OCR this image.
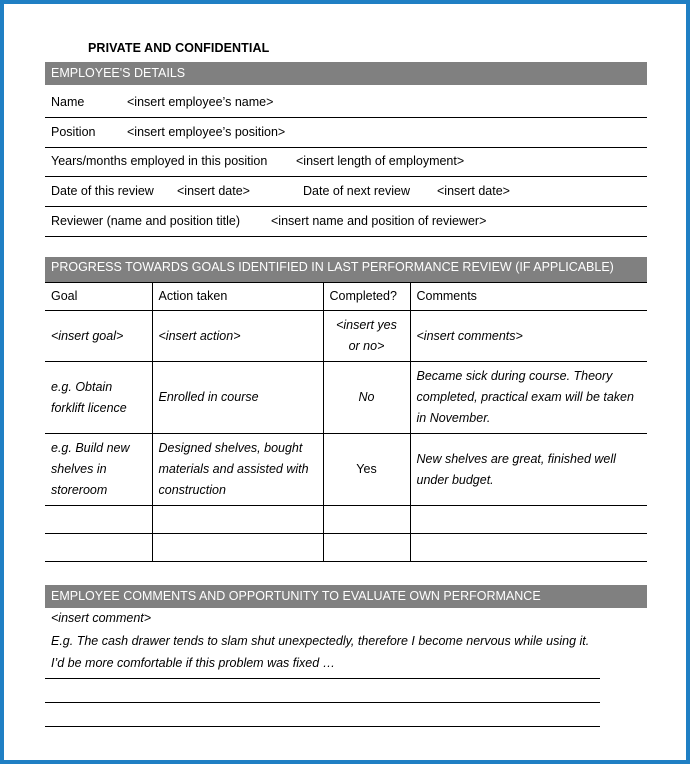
PRIVATE AND CONFIDENTIAL
EMPLOYEE'S DETAILS
Name	<insert employee’s name>
Position	<insert employee’s position>
Years/months employed in this position <insert length of employment>
Date of this review <insert date>	Date of next review <insert date>
Reviewer (name and position title) <insert name and position of reviewer>
PROGRESS TOWARDS GOALS IDENTIFIED IN LAST PERFORMANCE REVIEW (IF APPLICABLE)
Goal	Action taken	Completed?	Comments
<insert goal>	<insert action>	<insert yes or no>	<insert comments>
e.g. Obtain forklift licence	Enrolled in course	No	Became sick during course. Theory completed, practical exam will be taken in November.
e.g. Build new shelves in storeroom	Designed shelves, bought materials and assisted with construction	Yes	New shelves are great, finished well under budget.

EMPLOYEE COMMENTS AND OPPORTUNITY TO EVALUATE OWN PERFORMANCE
<insert comment>
E.g. The cash drawer tends to slam shut unexpectedly, therefore I become nervous while using it.
I’d be more comfortable if this problem was fixed …
